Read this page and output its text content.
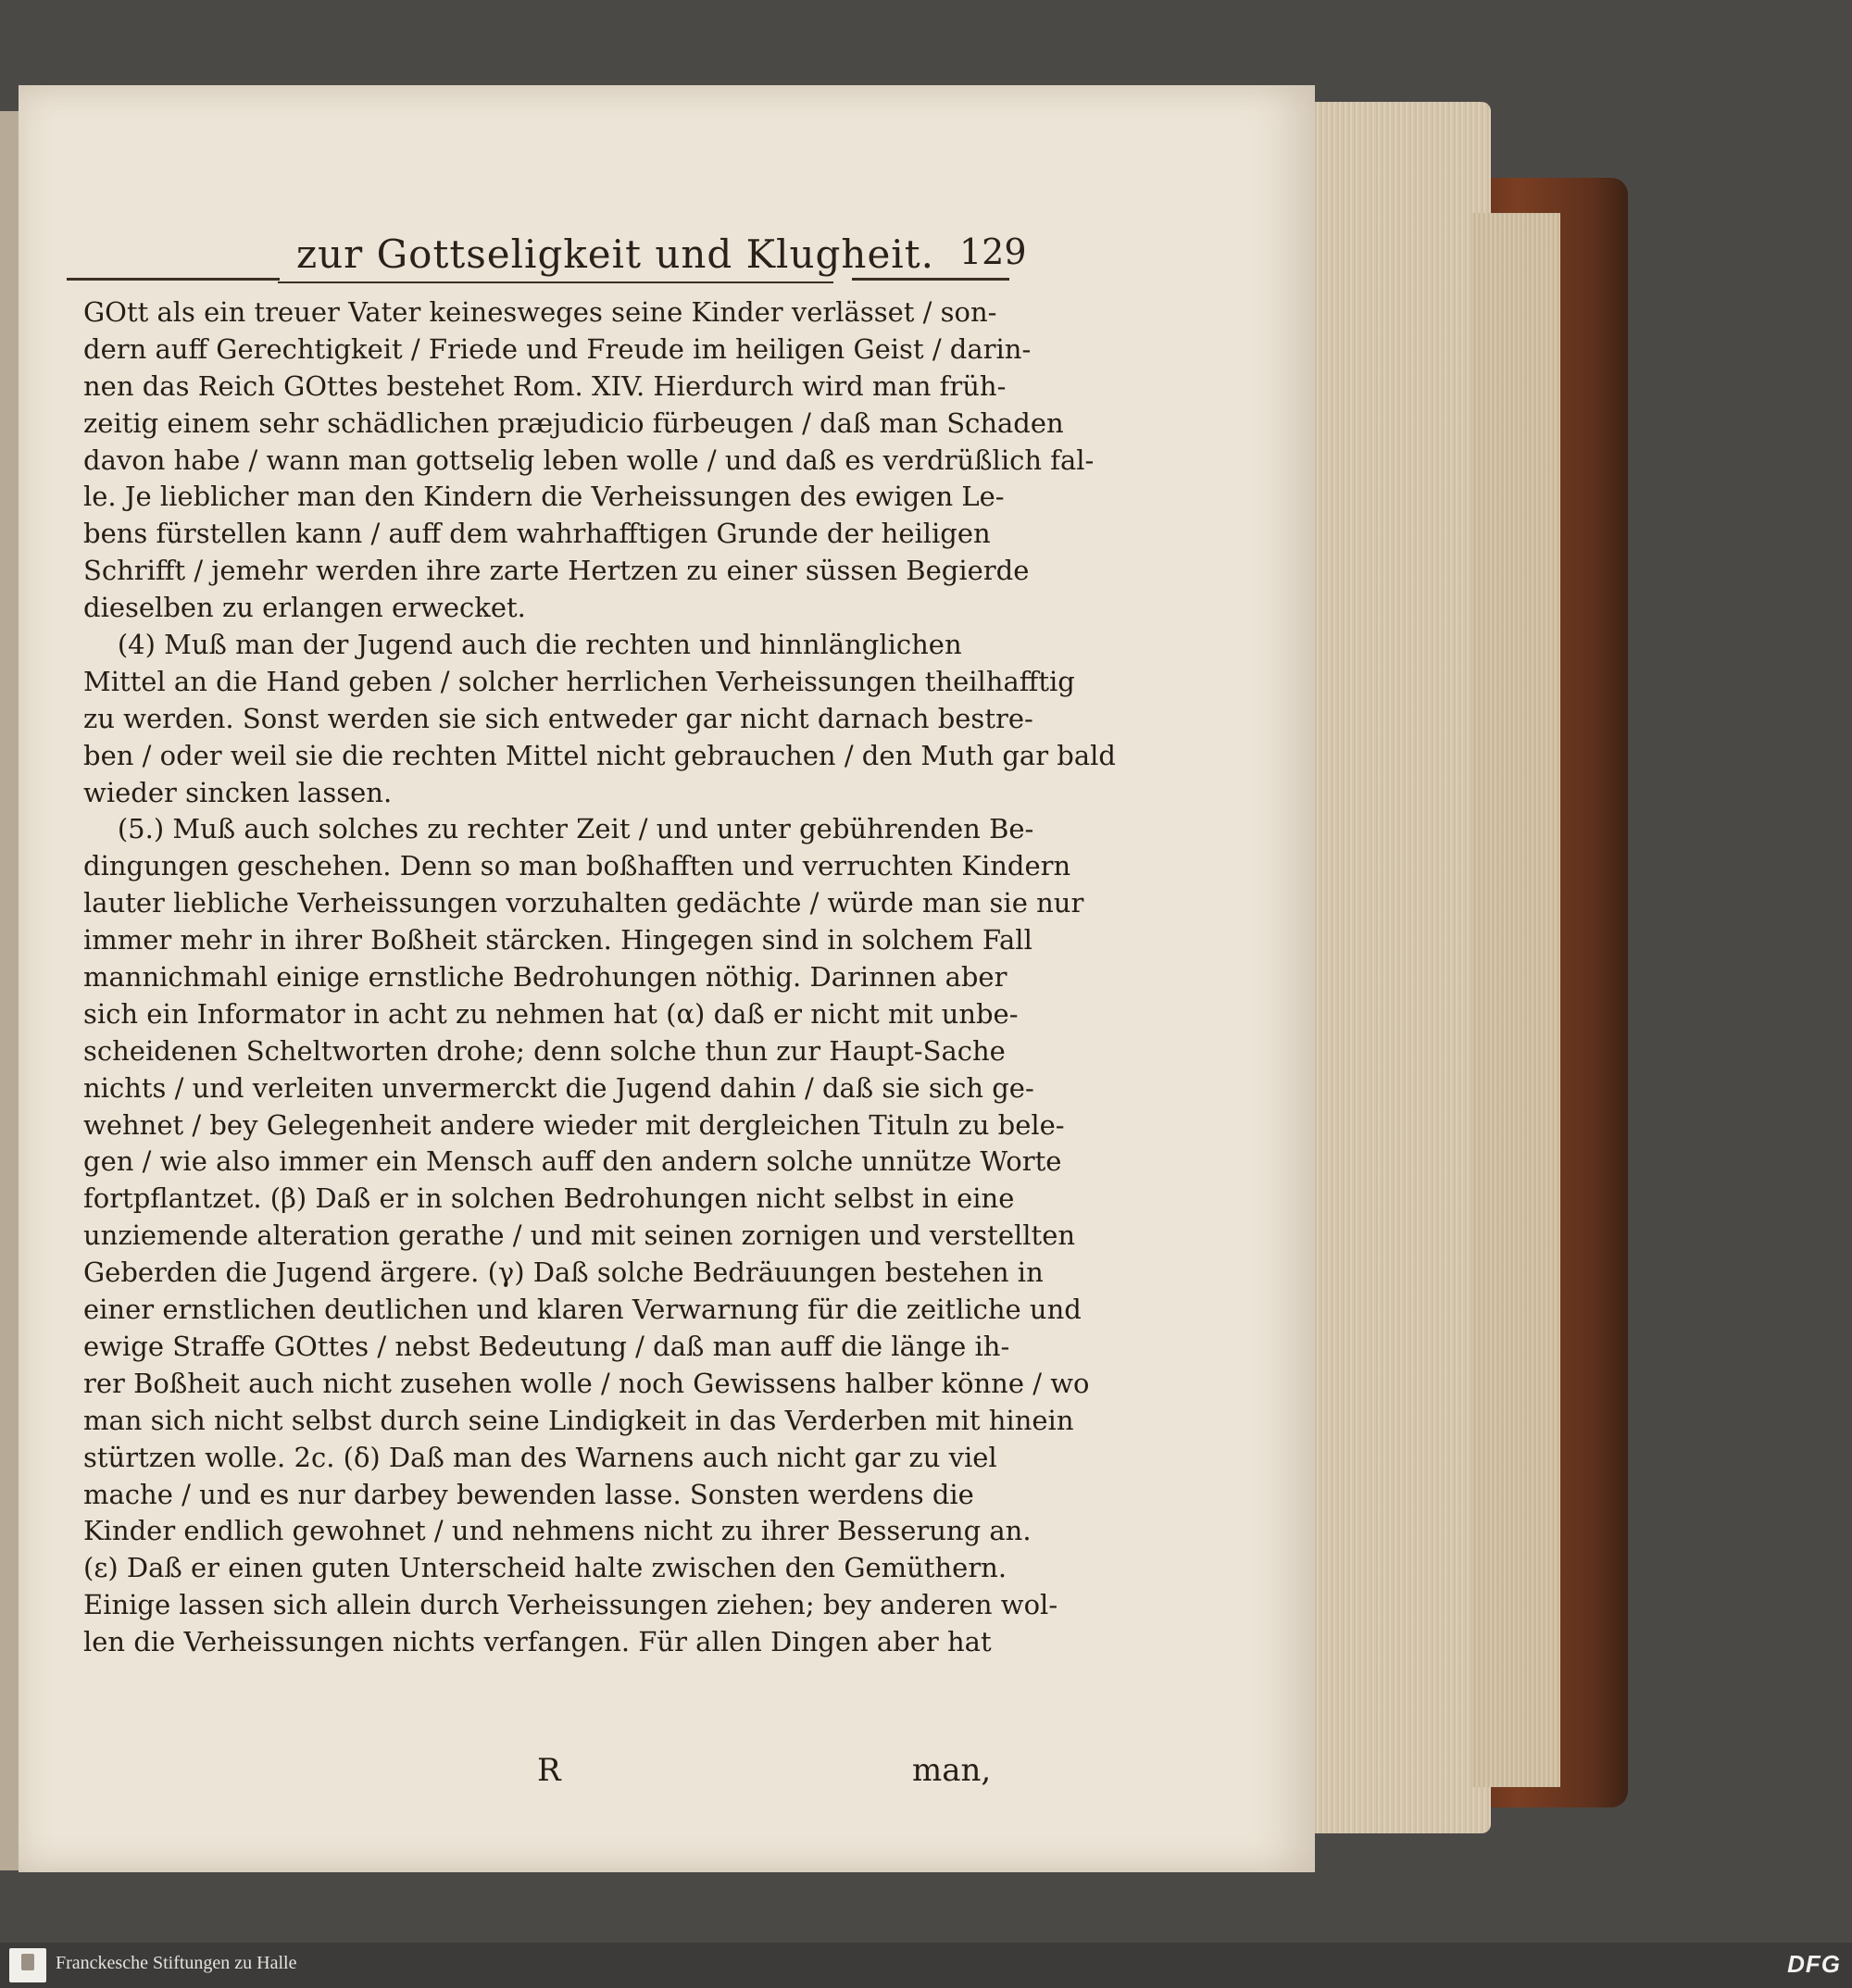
zur Gottseligkeit und Klugheit. 129
GOtt als ein treuer Vater keinesweges seine Kinder verlässet / son-
dern auff Gerechtigkeit / Friede und Freude im heiligen Geist / darin-
nen das Reich GOttes bestehet Rom. XIV. Hierdurch wird man früh-
zeitig einem sehr schädlichen præjudicio fürbeugen / daß man Schaden
davon habe / wann man gottselig leben wolle / und daß es verdrüßlich fal-
le. Je lieblicher man den Kindern die Verheissungen des ewigen Le-
bens fürstellen kann / auff dem wahrhafftigen Grunde der heiligen
Schrifft / jemehr werden ihre zarte Hertzen zu einer süssen Begierde
dieselben zu erlangen erwecket.
(4) Muß man der Jugend auch die rechten und hinnlänglichen
Mittel an die Hand geben / solcher herrlichen Verheissungen theilhafftig
zu werden. Sonst werden sie sich entweder gar nicht darnach bestre-
ben / oder weil sie die rechten Mittel nicht gebrauchen / den Muth gar bald
wieder sincken lassen.
(5.) Muß auch solches zu rechter Zeit / und unter gebührenden Be-
dingungen geschehen. Denn so man boßhafften und verruchten Kindern
lauter liebliche Verheissungen vorzuhalten gedächte / würde man sie nur
immer mehr in ihrer Boßheit stärcken. Hingegen sind in solchem Fall
mannichmahl einige ernstliche Bedrohungen nöthig. Darinnen aber
sich ein Informator in acht zu nehmen hat (α) daß er nicht mit unbe-
scheidenen Scheltworten drohe; denn solche thun zur Haupt-Sache
nichts / und verleiten unvermerckt die Jugend dahin / daß sie sich ge-
wehnet / bey Gelegenheit andere wieder mit dergleichen Tituln zu bele-
gen / wie also immer ein Mensch auff den andern solche unnütze Worte
fortpflantzet. (β) Daß er in solchen Bedrohungen nicht selbst in eine
unziemende alteration gerathe / und mit seinen zornigen und verstellten
Geberden die Jugend ärgere. (γ) Daß solche Bedräuungen bestehen in
einer ernstlichen deutlichen und klaren Verwarnung für die zeitliche und
ewige Straffe GOttes / nebst Bedeutung / daß man auff die länge ih-
rer Boßheit auch nicht zusehen wolle / noch Gewissens halber könne / wo
man sich nicht selbst durch seine Lindigkeit in das Verderben mit hinein
stürtzen wolle. 2c. (δ) Daß man des Warnens auch nicht gar zu viel
mache / und es nur darbey bewenden lasse. Sonsten werdens die
Kinder endlich gewohnet / und nehmens nicht zu ihrer Besserung an.
(ε) Daß er einen guten Unterscheid halte zwischen den Gemüthern.
Einige lassen sich allein durch Verheissungen ziehen; bey anderen wol-
len die Verheissungen nichts verfangen. Für allen Dingen aber hat
R	man,
Franckesche Stiftungen zu Halle	DFG
